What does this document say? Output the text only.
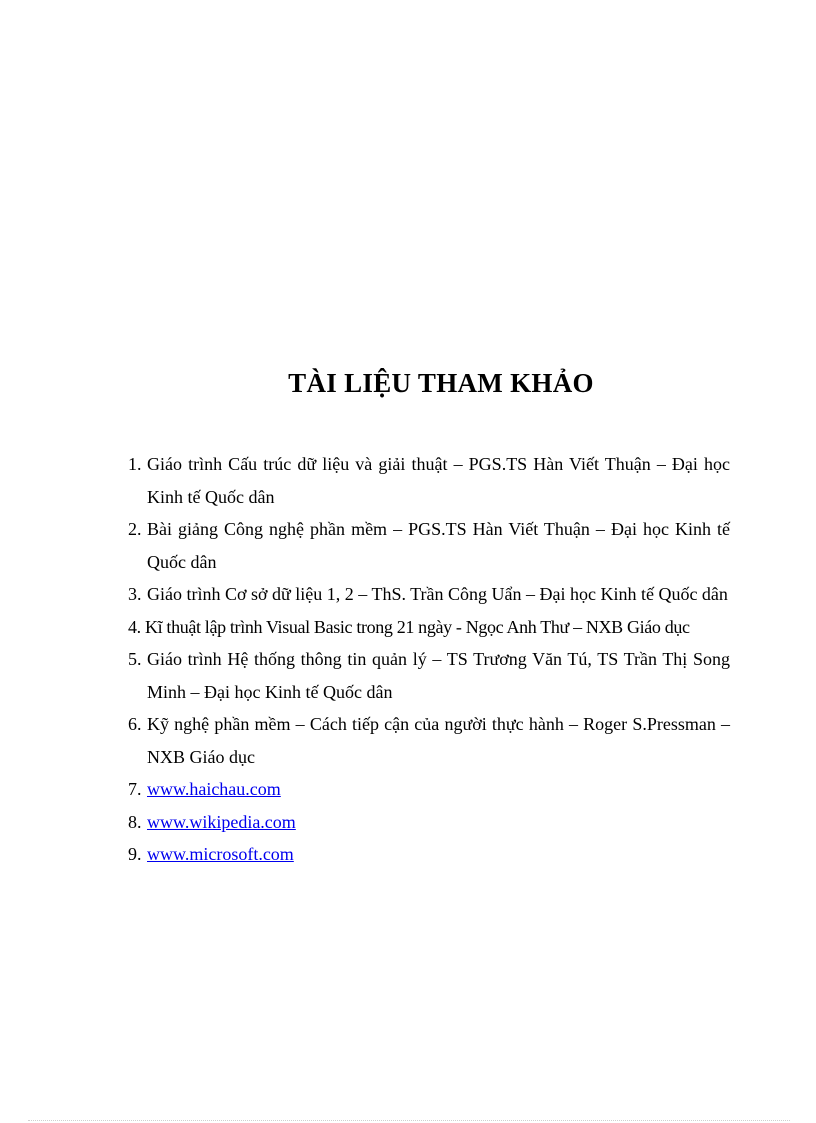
TÀI LIỆU THAM KHẢO
1. Giáo trình Cấu trúc dữ liệu và giải thuật – PGS.TS Hàn Viết Thuận – Đại học Kinh tế Quốc dân
2. Bài giảng Công nghệ phần mềm – PGS.TS Hàn Viết Thuận – Đại học Kinh tế Quốc dân
3. Giáo trình Cơ sở dữ liệu 1, 2 – ThS. Trần Công Uẩn – Đại học Kinh tế Quốc dân
4. Kĩ thuật lập trình Visual Basic trong 21 ngày - Ngọc Anh Thư – NXB Giáo dục
5. Giáo trình Hệ thống thông tin quản lý – TS Trương Văn Tú, TS Trần Thị Song Minh – Đại học Kinh tế Quốc dân
6. Kỹ nghệ phần mềm – Cách tiếp cận của người thực hành – Roger S.Pressman – NXB Giáo dục
7. www.haichau.com
8. www.wikipedia.com
9. www.microsoft.com
